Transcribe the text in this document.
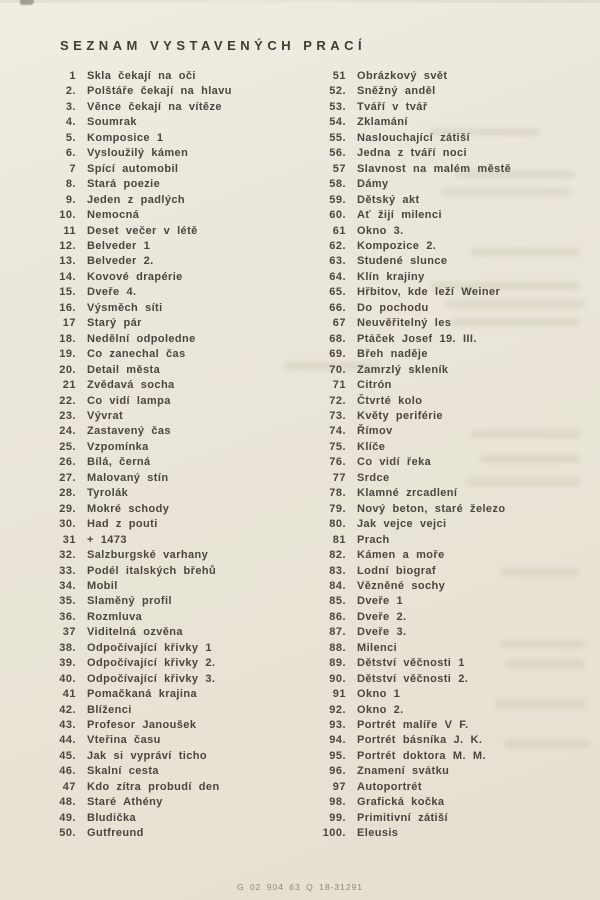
SEZNAM VYSTAVENÝCH PRACÍ
1 Skla čekají na oči
2. Polštáře čekají na hlavu
3. Věnce čekají na vítěze
4. Soumrak
5. Komposice 1
6. Vysloužilý kámen
7 Spící automobil
8. Stará poezie
9. Jeden z padlých
10. Nemocná
11 Deset večer v létě
12. Belveder 1
13. Belveder 2.
14. Kovové drapérie
15. Dveře 4.
16. Výsměch síti
17 Starý pár
18. Nedělní odpoledne
19. Co zanechal čas
20. Detail města
21 Zvědavá socha
22. Co vidí lampa
23. Vývrat
24. Zastavený čas
25. Vzpomínka
26. Bílá, černá
27. Malovaný stín
28. Tyrolák
29. Mokré schody
30. Had z pouti
31 + 1473
32. Salzburgské varhany
33. Podél italských břehů
34. Mobil
35. Slaměný profil
36. Rozmluva
37 Viditelná ozvěna
38. Odpočívající křivky 1
39. Odpočívající křivky 2.
40. Odpočívající křivky 3.
41 Pomačkaná krajina
42. Blíženci
43. Profesor Janoušek
44. Vteřina času
45. Jak si vypráví ticho
46. Skalní cesta
47 Kdo zítra probudí den
48. Staré Athény
49. Bludička
50. Gutfreund
51 Obrázkový svět
52. Sněžný anděl
53. Tváří v tvář
54. Zklamání
55. Naslouchající zátiší
56. Jedna z tváří noci
57 Slavnost na malém městě
58. Dámy
59. Dětský akt
60. Ať žijí milenci
61 Okno 3.
62. Kompozice 2.
63. Studené slunce
64. Klín krajiny
65. Hřbitov, kde leží Weiner
66. Do pochodu
67 Neuvěřitelný les
68. Ptáček Josef 19. III.
69. Břeh naděje
70. Zamrzlý skleník
71 Citrón
72. Čtvrté kolo
73. Květy periférie
74. Římov
75. Klíče
76. Co vidí řeka
77 Srdce
78. Klamné zrcadlení
79. Nový beton, staré železo
80. Jak vejce vejci
81 Prach
82. Kámen a moře
83. Lodní biograf
84. Vězněné sochy
85. Dveře 1
86. Dveře 2.
87. Dveře 3.
88. Milenci
89. Dětství věčnosti 1
90. Dětství věčnosti 2.
91 Okno 1
92. Okno 2.
93. Portrét malíře V F.
94. Portrét básníka J. K.
95. Portrét doktora M. M.
96. Znamení svátku
97 Autoportrét
98. Grafická kočka
99. Primitivní zátiší
100. Eleusis
G 02 904 63 Q 18-31291
